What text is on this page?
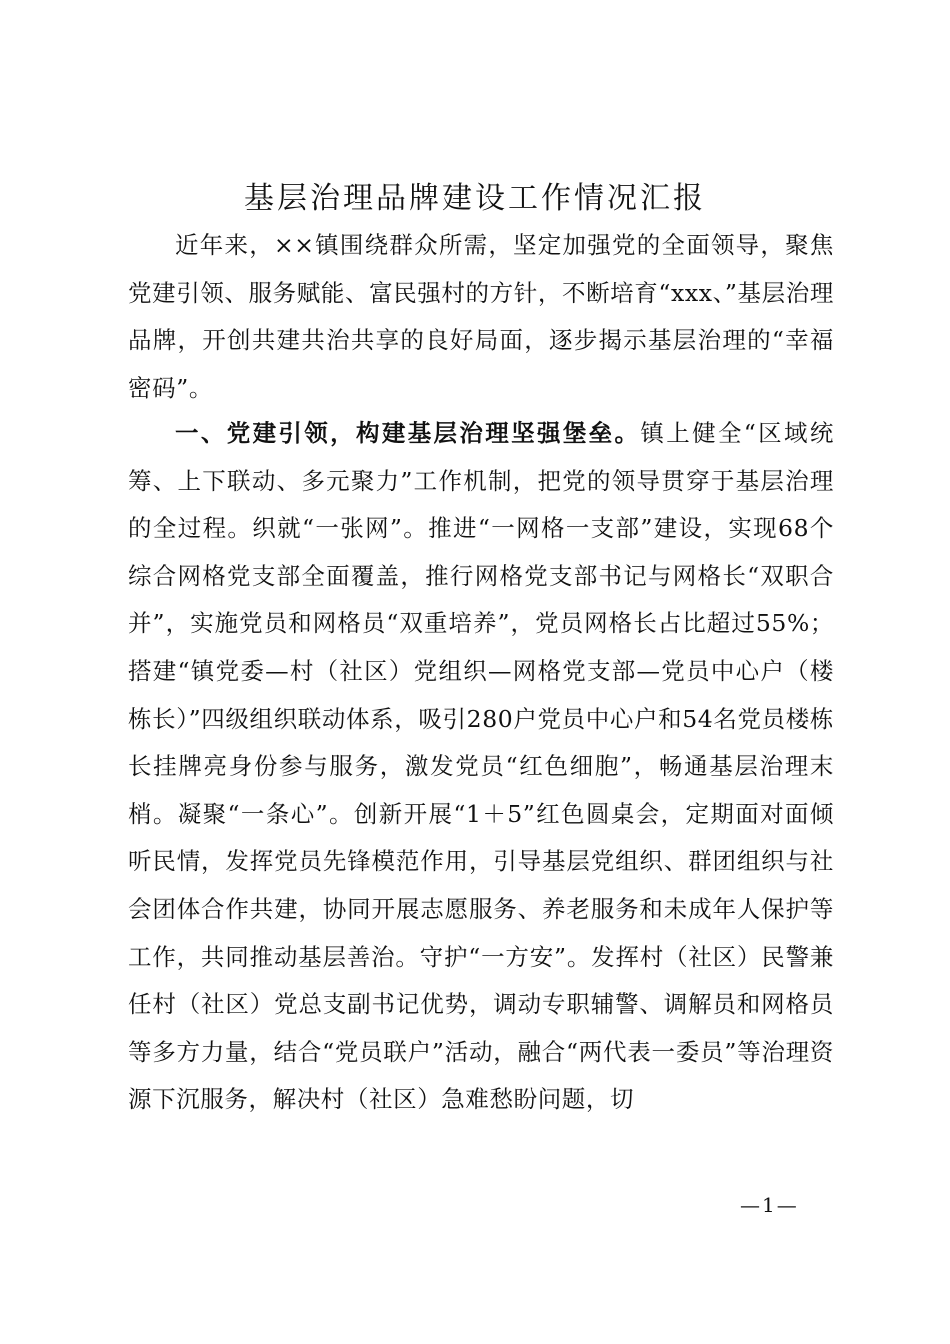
基层治理品牌建设工作情况汇报

近年来，××镇围绕群众所需，坚定加强党的全面领导，聚焦党建引领、服务赋能、富民强村的方针，不断培育“xxx、”基层治理品牌，开创共建共治共享的良好局面，逐步揭示基层治理的“幸福密码”。

一、党建引领，构建基层治理坚强堡垒。镇上健全“区域统筹、上下联动、多元聚力”工作机制，把党的领导贯穿于基层治理的全过程。织就“一张网”。推进“一网格一支部”建设，实现68个综合网格党支部全面覆盖，推行网格党支部书记与网格长“双职合并”，实施党员和网格员“双重培养”，党员网格长占比超过55%；搭建“镇党委—村（社区）党组织—网格党支部—党员中心户（楼栋长）”四级组织联动体系，吸引280户党员中心户和54名党员楼栋长挂牌亮身份参与服务，激发党员“红色细胞”，畅通基层治理末梢。凝聚“一条心”。创新开展“1＋5”红色圆桌会，定期面对面倾听民情，发挥党员先锋模范作用，引导基层党组织、群团组织与社会团体合作共建，协同开展志愿服务、养老服务和未成年人保护等工作，共同推动基层善治。守护“一方安”。发挥村（社区）民警兼任村（社区）党总支副书记优势，调动专职辅警、调解员和网格员等多方力量，结合“党员联户”活动，融合“两代表一委员”等治理资源下沉服务，解决村（社区）急难愁盼问题，切

—1—
